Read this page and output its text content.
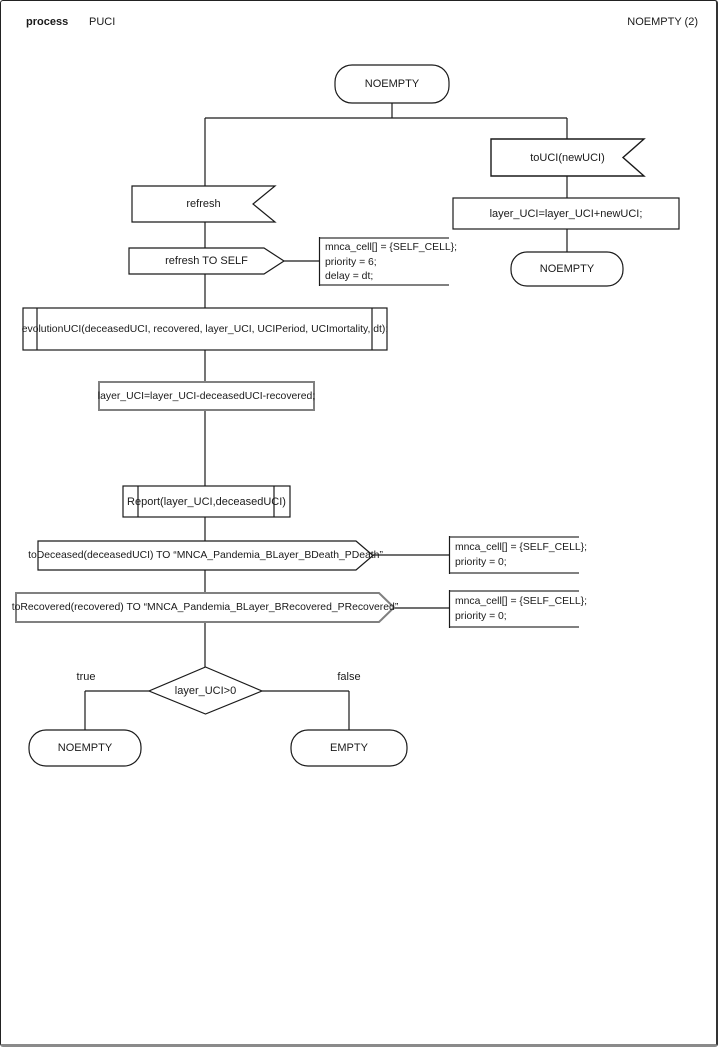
process PUCI	NOEMPTY (2)
NOEMPTY
toUCI(newUCI)
layer_UCI=layer_UCI+newUCI;
NOEMPTY
refresh
refresh TO SELF
mnca_cell[] = {SELF_CELL};
priority = 6;
delay = dt;
evolutionUCI(deceasedUCI, recovered, layer_UCI, UCIPeriod, UCImortality, dt);
layer_UCI=layer_UCI-deceasedUCI-recovered;
Report(layer_UCI,deceasedUCI)
toDeceased(deceasedUCI) TO “MNCA_Pandemia_BLayer_BDeath_PDeath”
mnca_cell[] = {SELF_CELL};
priority = 0;
toRecovered(recovered) TO “MNCA_Pandemia_BLayer_BRecovered_PRecovered”
mnca_cell[] = {SELF_CELL};
priority = 0;
layer_UCI>0
true	false
NOEMPTY	EMPTY
